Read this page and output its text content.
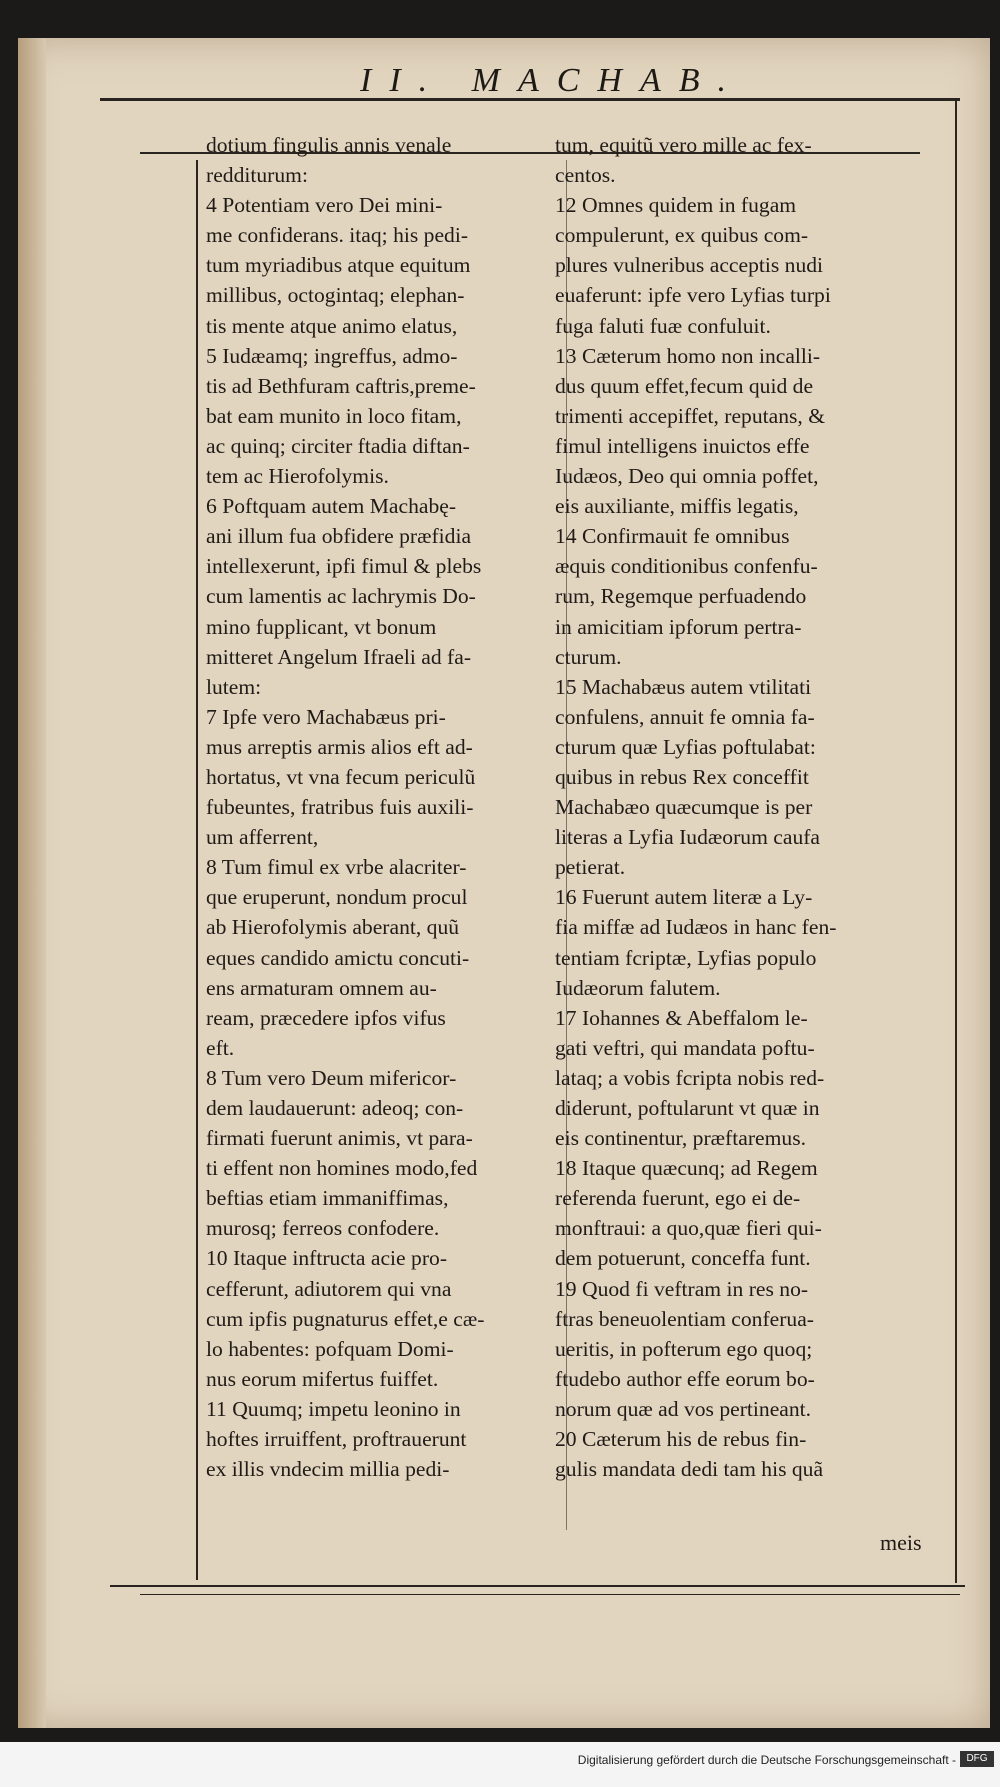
II. MACHAB.
dotium fingulis annis venale
redditurum:
4 Potentiam vero Dei mini-
me confiderans. itaq; his pedi-
tum myriadibus atque equitum
millibus, octogintaq; elephan-
tis mente atque animo elatus,
5 Iudæamq; ingreffus, admo-
tis ad Bethfuram caftris,preme-
bat eam munito in loco fitam,
ac quinq; circiter ftadia diftan-
tem ac Hierofolymis.
6 Poftquam autem Machabę-
ani illum fua obfidere præfidia
intellexerunt, ipfi fimul & plebs
cum lamentis ac lachrymis Do-
mino fupplicant, vt bonum
mitteret Angelum Ifraeli ad fa-
lutem:
7 Ipfe vero Machabæus pri-
mus arreptis armis alios eft ad-
hortatus, vt vna fecum periculũ
fubeuntes, fratribus fuis auxili-
um afferrent,
8 Tum fimul ex vrbe alacriter-
que eruperunt, nondum procul
ab Hierofolymis aberant, quũ
eques candido amictu concuti-
ens armaturam omnem au-
ream, præcedere ipfos vifus
eft.
8 Tum vero Deum mifericor-
dem laudauerunt: adeoq; con-
firmati fuerunt animis, vt para-
ti effent non homines modo,fed
beftias etiam immaniffimas,
murosq; ferreos confodere.
10 Itaque inftructa acie pro-
cefferunt, adiutorem qui vna
cum ipfis pugnaturus effet,e cæ-
lo habentes: pofquam Domi-
nus eorum mifertus fuiffet.
11 Quumq; impetu leonino in
hoftes irruiffent, proftrauerunt
ex illis vndecim millia pedi-
tum, equitũ vero mille ac fex-
centos.
12 Omnes quidem in fugam
compulerunt, ex quibus com-
plures vulneribus acceptis nudi
euaferunt: ipfe vero Lyfias turpi
fuga faluti fuæ confuluit.
13 Cæterum homo non incalli-
dus quum effet,fecum quid de
trimenti accepiffet, reputans, &
fimul intelligens inuictos effe
Iudæos, Deo qui omnia poffet,
eis auxiliante, miffis legatis,
14 Confirmauit fe omnibus
æquis conditionibus confenfu-
rum, Regemque perfuadendo
in amicitiam ipforum pertra-
cturum.
15 Machabæus autem vtilitati
confulens, annuit fe omnia fa-
cturum quæ Lyfias poftulabat:
quibus in rebus Rex conceffit
Machabæo quæcumque is per
literas a Lyfia Iudæorum caufa
petierat.
16 Fuerunt autem literæ a Ly-
fia miffæ ad Iudæos in hanc fen-
tentiam fcriptæ, Lyfias populo
Iudæorum falutem.
17 Iohannes & Abeffalom le-
gati veftri, qui mandata poftu-
lataq; a vobis fcripta nobis red-
diderunt, poftularunt vt quæ in
eis continentur, præftaremus.
18 Itaque quæcunq; ad Regem
referenda fuerunt, ego ei de-
monftraui: a quo,quæ fieri qui-
dem potuerunt, conceffa funt.
19 Quod fi veftram in res no-
ftras beneuolentiam conferua-
ueritis, in pofterum ego quoq;
ftudebo author effe eorum bo-
norum quæ ad vos pertineant.
20 Cæterum his de rebus fin-
gulis mandata dedi tam his quã
meis
Digitalisierung gefördert durch die Deutsche Forschungsgemeinschaft -	DFG
